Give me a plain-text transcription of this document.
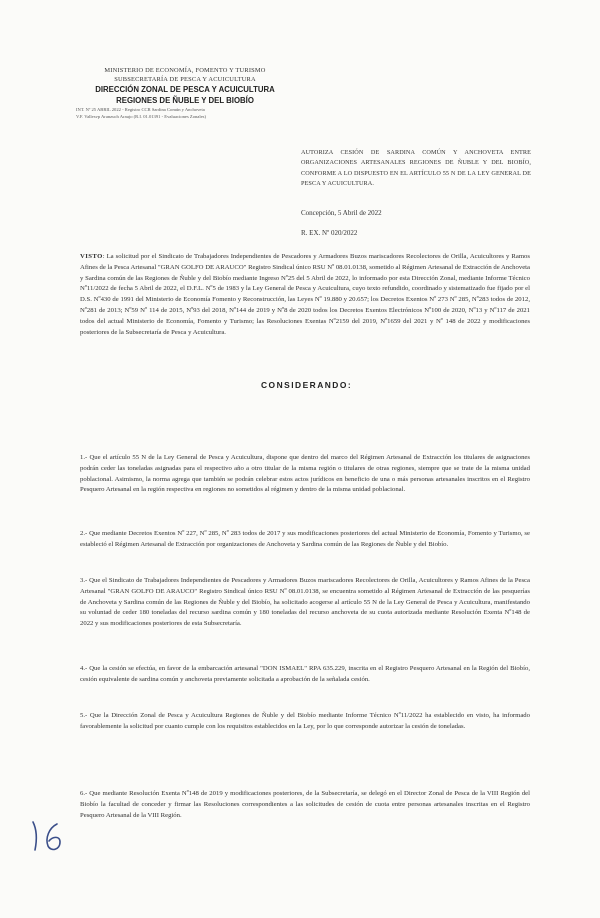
MINISTERIO DE ECONOMÍA, FOMENTO Y TURISMO
SUBSECRETARÍA DE PESCA Y ACUICULTURA
DIRECCIÓN ZONAL DE PESCA Y ACUICULTURA
REGIONES DE ÑUBLE Y DEL BIOBÍO
INT. Nº 25 ABRIL 2022 - Registro CCR Sardina Común y Anchoveta
V.F. Vallesvp Aranzuch Araujo (R.I. 01.01391 - Evaluaciones Zonales)
AUTORIZA CESIÓN DE SARDINA COMÚN Y ANCHOVETA ENTRE ORGANIZACIONES ARTESANALES REGIONES DE ÑUBLE Y DEL BIOBÍO, CONFORME A LO DISPUESTO EN EL ARTÍCULO 55 N DE LA LEY GENERAL DE PESCA Y ACUICULTURA.
Concepción, 5 Abril de 2022
R. EX. Nº 020/2022
VISTO: La solicitud por el Sindicato de Trabajadores Independientes de Pescadores y Armadores Buzos mariscadores Recolectores de Orilla, Acuicultores y Ramos Afines de la Pesca Artesanal "GRAN GOLFO DE ARAUCO" Registro Sindical único RSU Nº 08.01.0138, sometido al Régimen Artesanal de Extracción de Anchoveta y Sardina común de las Regiones de Ñuble y del Biobío mediante Ingreso Nº25 del 5 Abril de 2022, lo informado por esta Dirección Zonal, mediante Informe Técnico Nº11/2022 de fecha 5 Abril de 2022, el D.F.L. Nº5 de 1983 y la Ley General de Pesca y Acuicultura, cuyo texto refundido, coordinado y sistematizado fue fijado por el D.S. Nº430 de 1991 del Ministerio de Economía Fomento y Reconstrucción, las Leyes Nº 19.880 y 20.657; los Decretos Exentos Nº 273 Nº 285, Nº283 todos de 2012, Nº281 de 2013; Nº59 Nº 114 de 2015, Nº93 del 2018, Nº144 de 2019 y Nº8 de 2020 todos los Decretos Exentos Electrónicos Nº100 de 2020, Nº13 y Nº117 de 2021 todos del actual Ministerio de Economía, Fomento y Turismo; las Resoluciones Exentas Nº2159 del 2019, Nº1659 del 2021 y Nº 148 de 2022 y modificaciones posteriores de la Subsecretaría de Pesca y Acuicultura.
CONSIDERANDO:
1.- Que el artículo 55 N de la Ley General de Pesca y Acuicultura, dispone que dentro del marco del Régimen Artesanal de Extracción los titulares de asignaciones podrán ceder las toneladas asignadas para el respectivo año a otro titular de la misma región o titulares de otras regiones, siempre que se trate de la misma unidad poblacional. Asimismo, la norma agrega que también se podrán celebrar estos actos jurídicos en beneficio de una o más personas artesanales inscritos en el Registro Pesquero Artesanal en la región respectiva en regiones no sometidos al régimen y dentro de la misma unidad poblacional.
2.- Que mediante Decretos Exentos Nº 227, Nº 285, Nº 283 todos de 2017 y sus modificaciones posteriores del actual Ministerio de Economía, Fomento y Turismo, se estableció el Régimen Artesanal de Extracción por organizaciones de Anchoveta y Sardina común de las Regiones de Ñuble y del Biobío.
3.- Que el Sindicato de Trabajadores Independientes de Pescadores y Armadores Buzos mariscadores Recolectores de Orilla, Acuicultores y Ramos Afines de la Pesca Artesanal "GRAN GOLFO DE ARAUCO" Registro Sindical único RSU Nº 08.01.0138, se encuentra sometido al Régimen Artesanal de Extracción de las pesquerías de Anchoveta y Sardina común de las Regiones de Ñuble y del Biobío, ha solicitado acogerse al artículo 55 N de la Ley General de Pesca y Acuicultura, manifestando su voluntad de ceder 180 toneladas del recurso sardina común y 180 toneladas del recurso anchoveta de su cuota autorizada mediante Resolución Exenta Nº148 de 2022 y sus modificaciones posteriores de esta Subsecretaría.
4.- Que la cesión se efectúa, en favor de la embarcación artesanal "DON ISMAEL" RPA 635.229, inscrita en el Registro Pesquero Artesanal en la Región del Biobío, cesión equivalente de sardina común y anchoveta previamente solicitada a aprobación de la señalada cesión.
5.- Que la Dirección Zonal de Pesca y Acuicultura Regiones de Ñuble y del Biobío mediante Informe Técnico Nº11/2022 ha establecido en visto, ha informado favorablemente la solicitud por cuanto cumple con los requisitos establecidos en la Ley, por lo que corresponde autorizar la cesión de toneladas.
6.- Que mediante Resolución Exenta Nº148 de 2019 y modificaciones posteriores, de la Subsecretaría, se delegó en el Director Zonal de Pesca de la VIII Región del Biobío la facultad de conceder y firmar las Resoluciones correspondientes a las solicitudes de cesión de cuota entre personas artesanales inscritas en el Registro Pesquero Artesanal de la VIII Región.
